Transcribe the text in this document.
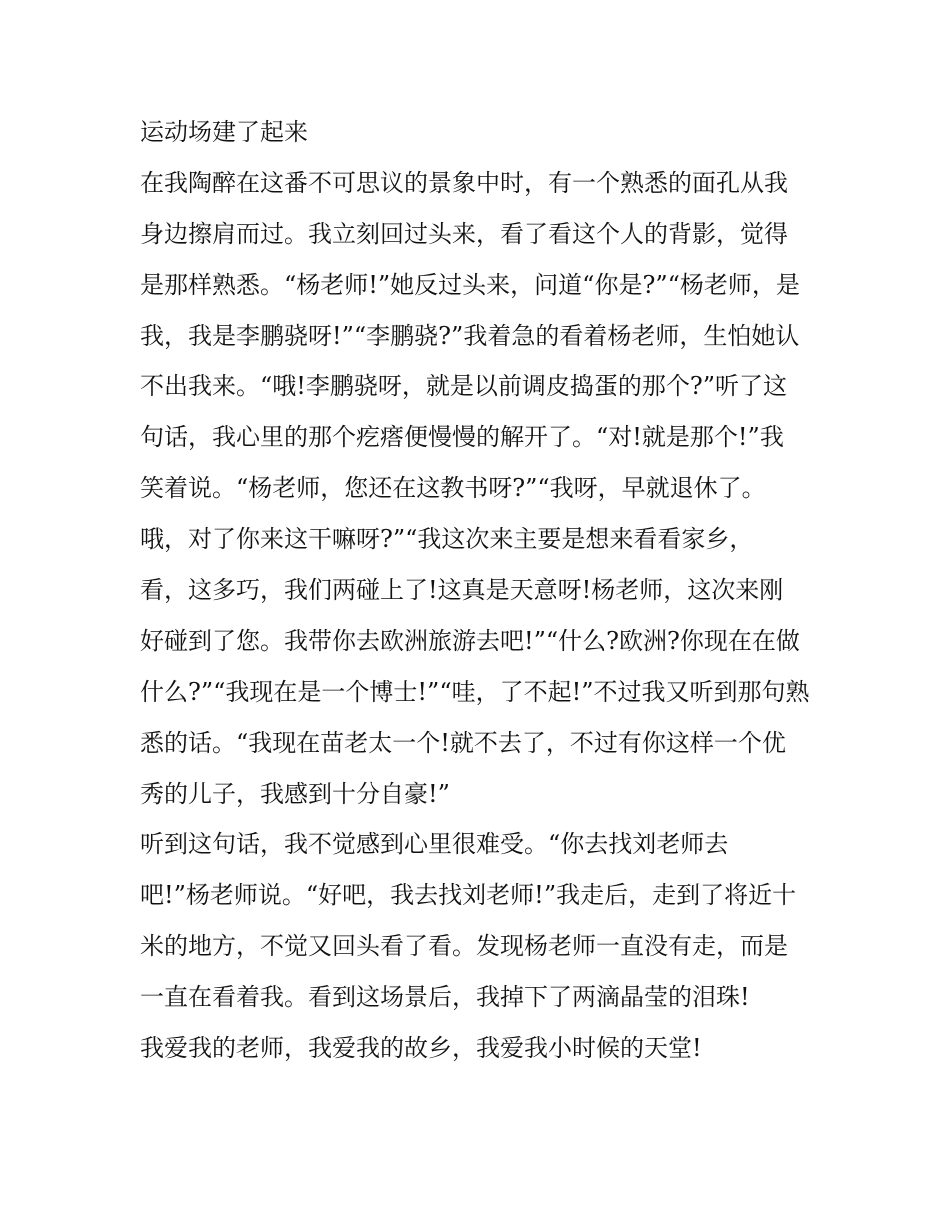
运动场建了起来
在我陶醉在这番不可思议的景象中时，有一个熟悉的面孔从我
身边擦肩而过。我立刻回过头来，看了看这个人的背影，觉得
是那样熟悉。“杨老师!”她反过头来，问道“你是?”“杨老师，是
我，我是李鹏骁呀!”“李鹏骁?”我着急的看着杨老师，生怕她认
不出我来。“哦!李鹏骁呀，就是以前调皮捣蛋的那个?”听了这
句话，我心里的那个疙瘩便慢慢的解开了。“对!就是那个!”我
笑着说。“杨老师，您还在这教书呀?”“我呀，早就退休了。
哦，对了你来这干嘛呀?”“我这次来主要是想来看看家乡，
看，这多巧，我们两碰上了!这真是天意呀!杨老师，这次来刚
好碰到了您。我带你去欧洲旅游去吧!”“什么?欧洲?你现在在做
什么?”“我现在是一个博士!”“哇，了不起!”不过我又听到那句熟
悉的话。“我现在苗老太一个!就不去了，不过有你这样一个优
秀的儿子，我感到十分自豪!”
听到这句话，我不觉感到心里很难受。“你去找刘老师去
吧!”杨老师说。“好吧，我去找刘老师!”我走后，走到了将近十
米的地方，不觉又回头看了看。发现杨老师一直没有走，而是
一直在看着我。看到这场景后，我掉下了两滴晶莹的泪珠!
我爱我的老师，我爱我的故乡，我爱我小时候的天堂!
